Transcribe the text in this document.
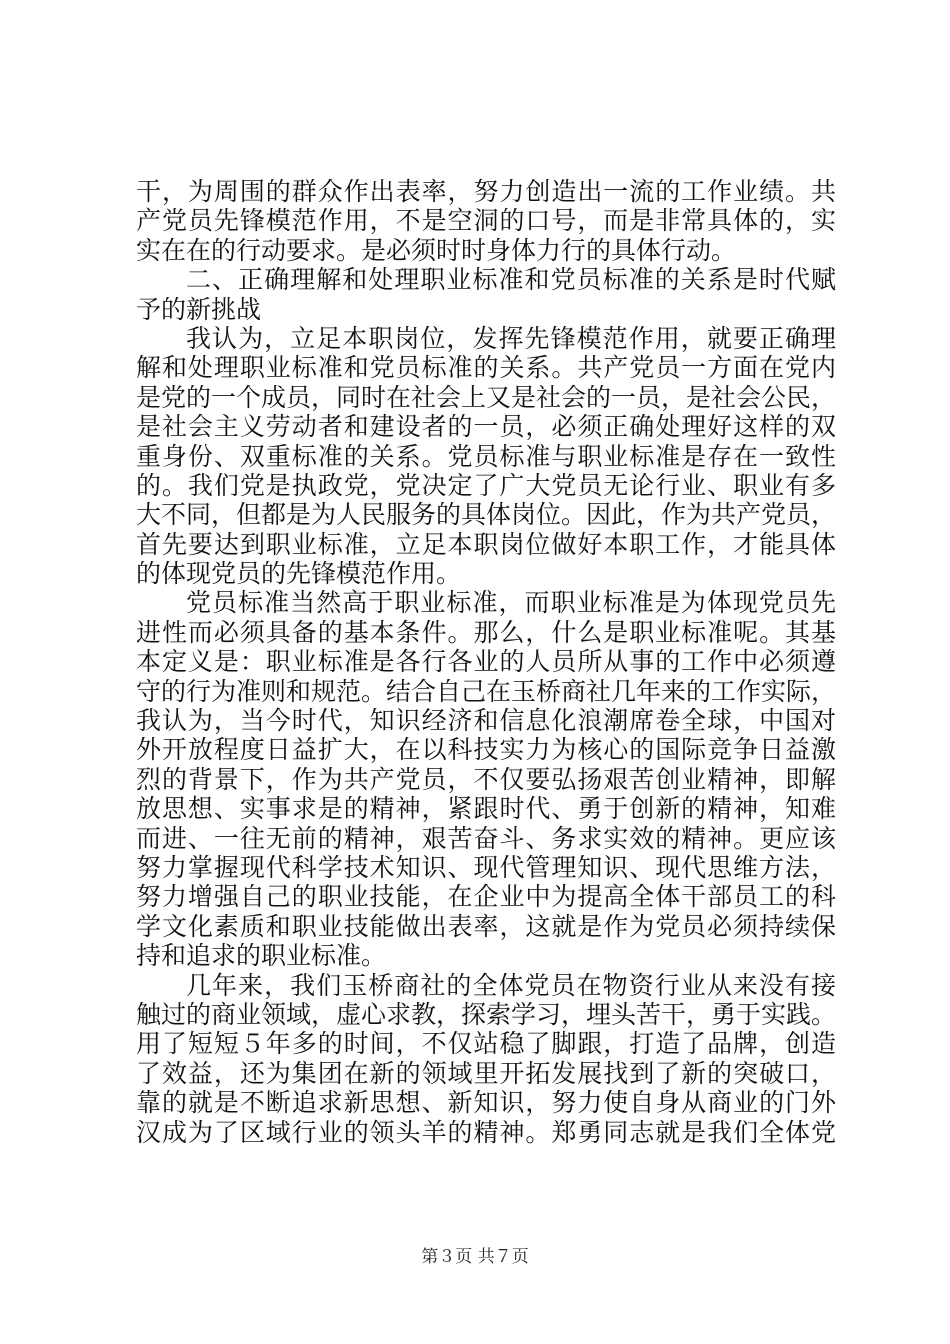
干，为周围的群众作出表率，努力创造出一流的工作业绩。共
产党员先锋模范作用，不是空洞的口号，而是非常具体的，实
实在在的行动要求。是必须时时身体力行的具体行动。
二、正确理解和处理职业标准和党员标准的关系是时代赋
予的新挑战
我认为，立足本职岗位，发挥先锋模范作用，就要正确理
解和处理职业标准和党员标准的关系。共产党员一方面在党内
是党的一个成员，同时在社会上又是社会的一员，是社会公民，
是社会主义劳动者和建设者的一员，必须正确处理好这样的双
重身份、双重标准的关系。党员标准与职业标准是存在一致性
的。我们党是执政党，党决定了广大党员无论行业、职业有多
大不同，但都是为人民服务的具体岗位。因此，作为共产党员，
首先要达到职业标准，立足本职岗位做好本职工作，才能具体
的体现党员的先锋模范作用。
党员标准当然高于职业标准，而职业标准是为体现党员先
进性而必须具备的基本条件。那么，什么是职业标准呢。其基
本定义是：职业标准是各行各业的人员所从事的工作中必须遵
守的行为准则和规范。结合自己在玉桥商社几年来的工作实际，
我认为，当今时代，知识经济和信息化浪潮席卷全球，中国对
外开放程度日益扩大，在以科技实力为核心的国际竞争日益激
烈的背景下，作为共产党员，不仅要弘扬艰苦创业精神，即解
放思想、实事求是的精神，紧跟时代、勇于创新的精神，知难
而进、一往无前的精神，艰苦奋斗、务求实效的精神。更应该
努力掌握现代科学技术知识、现代管理知识、现代思维方法，
努力增强自己的职业技能，在企业中为提高全体干部员工的科
学文化素质和职业技能做出表率，这就是作为党员必须持续保
持和追求的职业标准。
几年来，我们玉桥商社的全体党员在物资行业从来没有接
触过的商业领域，虚心求教，探索学习，埋头苦干，勇于实践。
用了短短５年多的时间，不仅站稳了脚跟，打造了品牌，创造
了效益，还为集团在新的领域里开拓发展找到了新的突破口，
靠的就是不断追求新思想、新知识，努力使自身从商业的门外
汉成为了区域行业的领头羊的精神。郑勇同志就是我们全体党
第３页 共７页
